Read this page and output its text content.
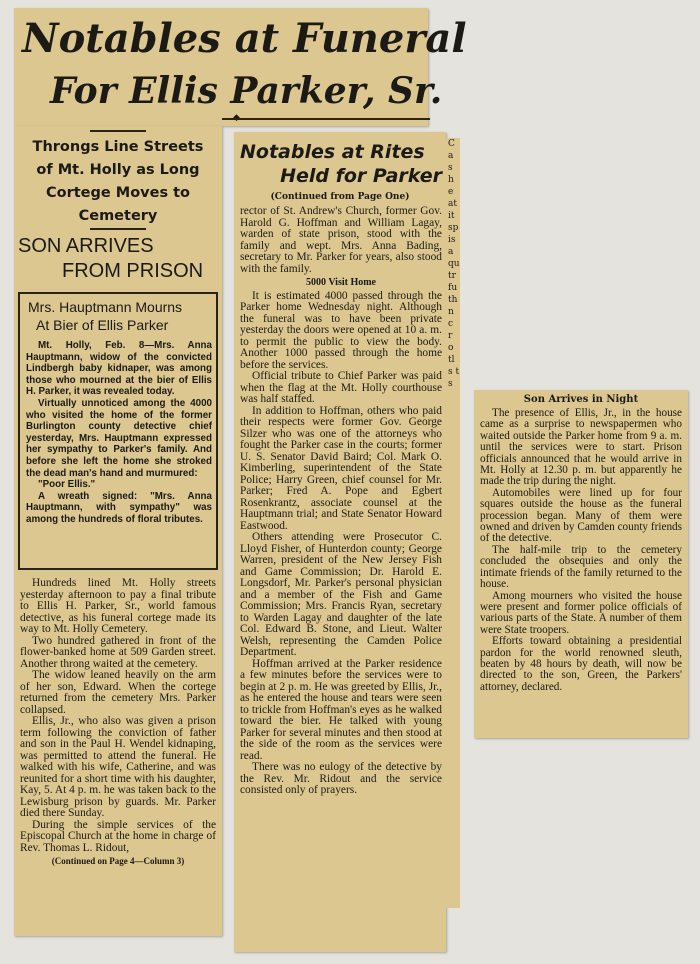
Notables at Funeral
For Ellis Parker, Sr.
Throngs Line Streets
of Mt. Holly as Long
Cortege Moves to
Cemetery
SON ARRIVES
FROM PRISON
Mrs. Hauptmann Mourns
At Bier of Ellis Parker

Mt. Holly, Feb. 8—Mrs. Anna Hauptmann, widow of the convicted Lindbergh baby kidnaper, was among those who mourned at the bier of Ellis H. Parker, it was revealed today.

Virtually unnoticed among the 4000 who visited the home of the former Burlington county detective chief yesterday, Mrs. Hauptmann expressed her sympathy to Parker's family. And before she left the home she stroked the dead man's hand and murmured:

"Poor Ellis."

A wreath signed: "Mrs. Anna Hauptmann, with sympathy" was among the hundreds of floral tributes.

Hundreds lined Mt. Holly streets yesterday afternoon to pay a final tribute to Ellis H. Parker, Sr., world famous detective, as his funeral cortege made its way to Mt. Holly Cemetery.

Two hundred gathered in front of the flower-banked home at 509 Garden street. Another throng waited at the cemetery.

The widow leaned heavily on the arm of her son, Edward. When the cortege returned from the cemetery Mrs. Parker collapsed.

Ellis, Jr., who also was given a prison term following the conviction of father and son in the Paul H. Wendel kidnaping, was permitted to attend the funeral. He walked with his wife, Catherine, and was reunited for a short time with his daughter, Kay, 5. At 4 p. m. he was taken back to the Lewisburg prison by guards. Mr. Parker died there Sunday.

During the simple services of the Episcopal Church at the home in charge of Rev. Thomas L. Ridout,

(Continued on Page 4—Column 3)

Notables at Rites
Held for Parker
(Continued from Page One)

rector of St. Andrew's Church, former Gov. Harold G. Hoffman and William Lagay, warden of state prison, stood with the family and wept. Mrs. Anna Bading, secretary to Mr. Parker for years, also stood with the family.

5000 Visit Home

It is estimated 4000 passed through the Parker home Wednesday night. Although the funeral was to have been private yesterday the doors were opened at 10 a. m. to permit the public to view the body. Another 1000 passed through the home before the services.

Official tribute to Chief Parker was paid when the flag at the Mt. Holly courthouse was half staffed.

In addition to Hoffman, others who paid their respects were former Gov. George Silzer who was one of the attorneys who fought the Parker case in the courts; former U. S. Senator David Baird; Col. Mark O. Kimberling, superintendent of the State Police; Harry Green, chief counsel for Mr. Parker; Fred A. Pope and Egbert Rosenkrantz, associate counsel at the Hauptmann trial; and State Senator Howard Eastwood.

Others attending were Prosecutor C. Lloyd Fisher, of Hunterdon county; George Warren, president of the New Jersey Fish and Game Commission; Dr. Harold E. Longsdorf, Mr. Parker's personal physician and a member of the Fish and Game Commission; Mrs. Francis Ryan, secretary to Warden Lagay and daughter of the late Col. Edward B. Stone, and Lieut. Walter Welsh, representing the Camden Police Department.

Hoffman arrived at the Parker residence a few minutes before the services were to begin at 2 p. m. He was greeted by Ellis, Jr., as he entered the house and tears were seen to trickle from Hoffman's eyes as he walked toward the bier. He talked with young Parker for several minutes and then stood at the side of the room as the services were read.

There was no eulogy of the detective by the Rev. Mr. Ridout and the service consisted only of prayers.

C a s h e at it sp is a qu tr fu th n c r o tl s t s
Son Arrives in Night

The presence of Ellis, Jr., in the house came as a surprise to newspapermen who waited outside the Parker home from 9 a. m. until the services were to start. Prison officials announced that he would arrive in Mt. Holly at 12.30 p. m. but apparently he made the trip during the night.

Automobiles were lined up for four squares outside the house as the funeral procession began. Many of them were owned and driven by Camden county friends of the detective.

The half-mile trip to the cemetery concluded the obsequies and only the intimate friends of the family returned to the house.

Among mourners who visited the house were present and former police officials of various parts of the State. A number of them were State troopers.

Efforts toward obtaining a presidential pardon for the world renowned sleuth, beaten by 48 hours by death, will now be directed to the son, Green, the Parkers' attorney, declared.
